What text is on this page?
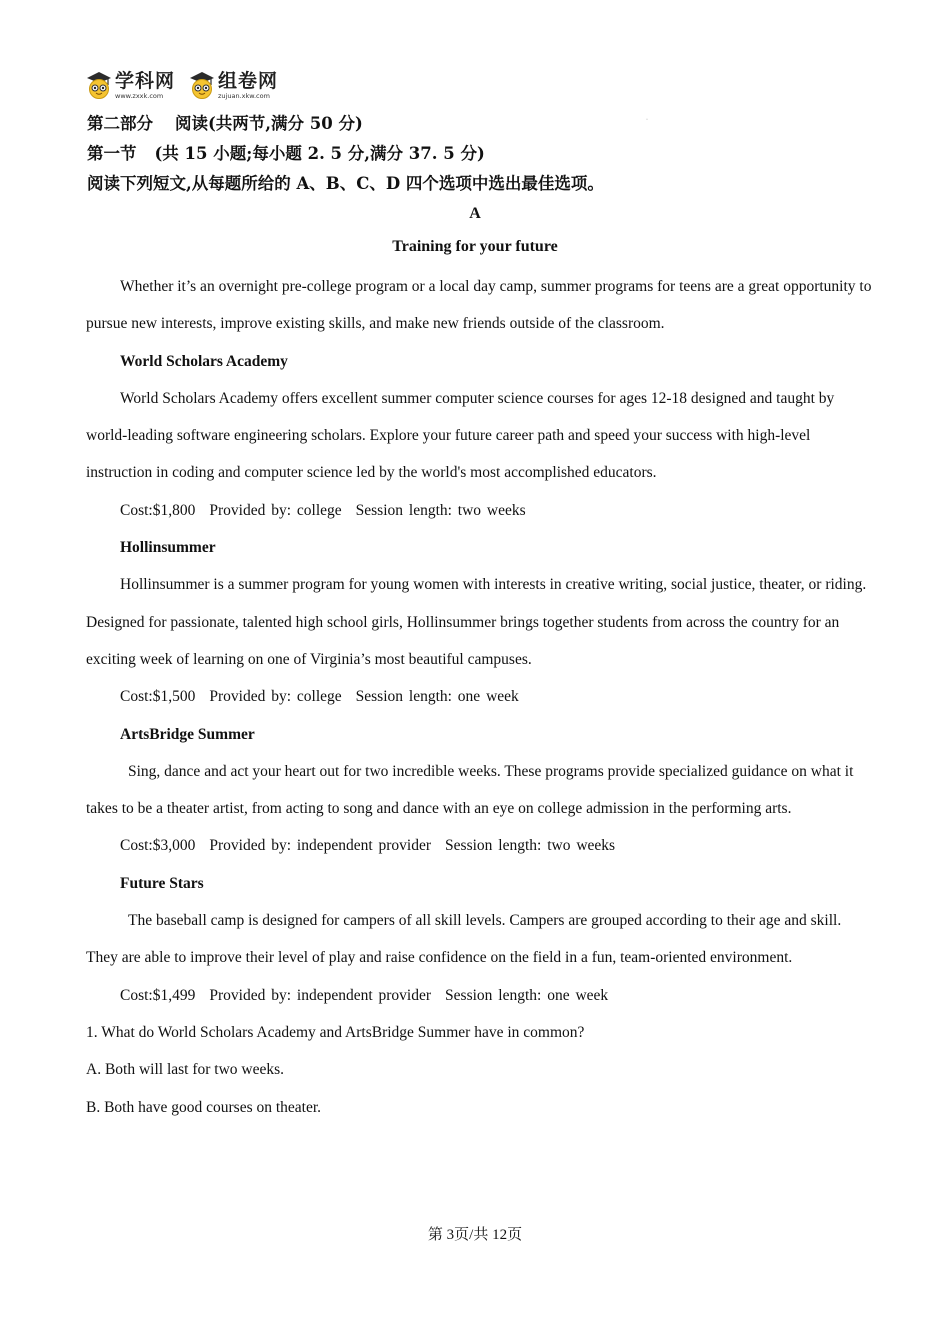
学科网
www.zxxk.com
组卷网
zujuan.xkw.com
第二部分 阅读(共两节,满分 50 分)	·
第一节 (共 15 小题;每小题 2. 5 分,满分 37. 5 分)
阅读下列短文,从每题所给的 A、B、C、D 四个选项中选出最佳选项。
A
Training for your future

Whether it’s an overnight pre-college program or a local day camp, summer programs for teens are a great opportunity to pursue new interests, improve existing skills, and make new friends outside of the classroom.

World Scholars Academy

World Scholars Academy offers excellent summer computer science courses for ages 12-18 designed and taught by world-leading software engineering scholars. Explore your future career path and speed your success with high-level instruction in coding and computer science led by the world's most accomplished educators.

Cost:$1,800 Provided by: college Session length: two weeks

Hollinsummer

Hollinsummer is a summer program for young women with interests in creative writing, social justice, theater, or riding. Designed for passionate, talented high school girls, Hollinsummer brings together students from across the country for an exciting week of learning on one of Virginia’s most beautiful campuses.

Cost:$1,500 Provided by: college Session length: one week

ArtsBridge Summer

Sing, dance and act your heart out for two incredible weeks. These programs provide specialized guidance on what it takes to be a theater artist, from acting to song and dance with an eye on college admission in the performing arts.

Cost:$3,000 Provided by: independent provider Session length: two weeks

Future Stars

The baseball camp is designed for campers of all skill levels. Campers are grouped according to their age and skill. They are able to improve their level of play and raise confidence on the field in a fun, team-oriented environment.

Cost:$1,499 Provided by: independent provider Session length: one week

1. What do World Scholars Academy and ArtsBridge Summer have in common?

A. Both will last for two weeks.

B. Both have good courses on theater.

第 3页/共 12页
